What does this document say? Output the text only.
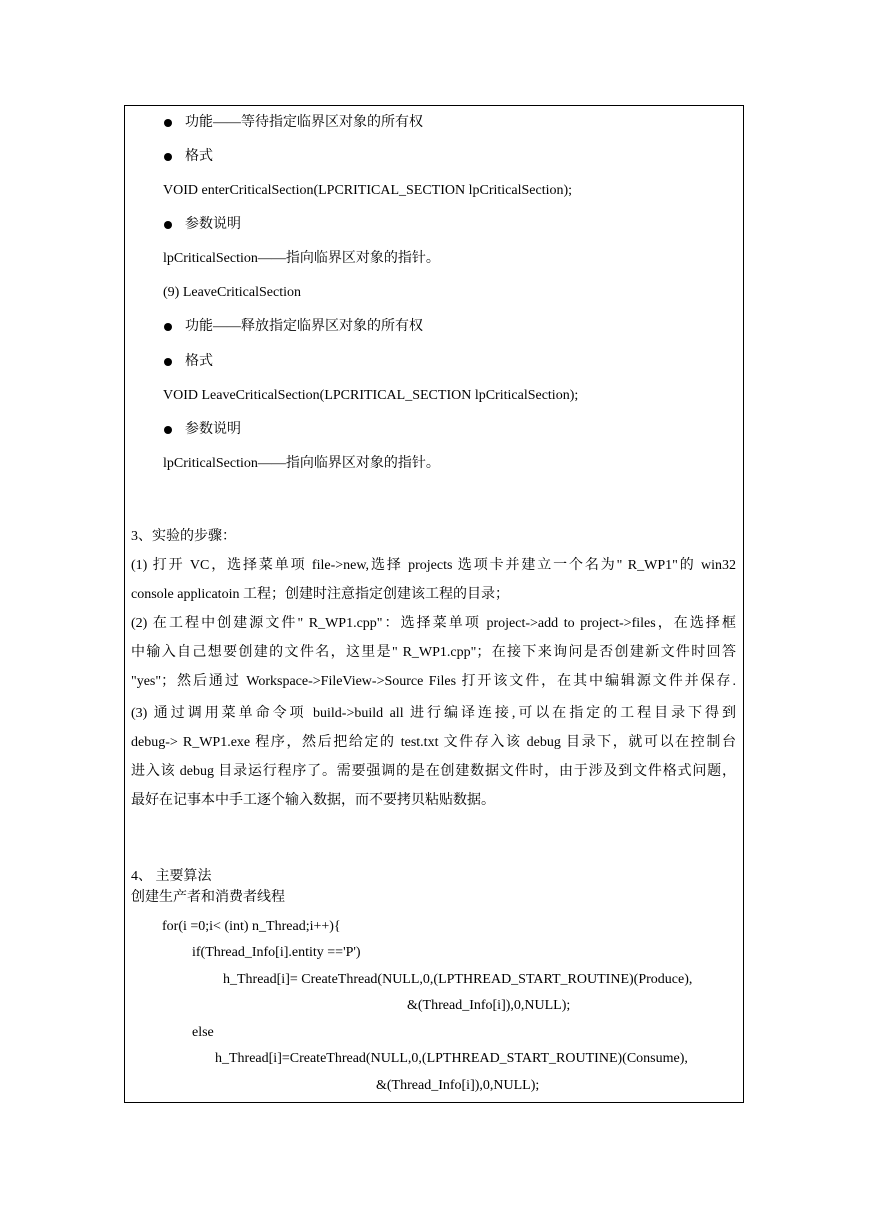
功能——等待指定临界区对象的所有权
格式
VOID enterCriticalSection(LPCRITICAL_SECTION lpCriticalSection);
参数说明
lpCriticalSection——指向临界区对象的指针。
(9) LeaveCriticalSection
功能——释放指定临界区对象的所有权
格式
VOID LeaveCriticalSection(LPCRITICAL_SECTION lpCriticalSection);
参数说明
lpCriticalSection——指向临界区对象的指针。
3、实验的步骤：
(1) 打开 VC，选择菜单项 file->new,选择 projects 选项卡并建立一个名为" R_WP1"的 win32
console applicatoin 工程；创建时注意指定创建该工程的目录；
(2) 在工程中创建源文件" R_WP1.cpp"：选择菜单项 project->add to project->files，在选择框
中输入自己想要创建的文件名，这里是" R_WP1.cpp"；在接下来询问是否创建新文件时回答
"yes"；然后通过 Workspace->FileView->Source Files 打开该文件，在其中编辑源文件并保存.
(3) 通过调用菜单命令项 build->build all 进行编译连接,可以在指定的工程目录下得到
debug-> R_WP1.exe 程序，然后把给定的 test.txt 文件存入该 debug 目录下，就可以在控制台
进入该 debug 目录运行程序了。需要强调的是在创建数据文件时，由于涉及到文件格式问题，
最好在记事本中手工逐个输入数据，而不要拷贝粘贴数据。
4、 主要算法
创建生产者和消费者线程
for(i =0;i< (int) n_Thread;i++){
if(Thread_Info[i].entity =='P')
h_Thread[i]= CreateThread(NULL,0,(LPTHREAD_START_ROUTINE)(Produce),
&(Thread_Info[i]),0,NULL);
else
h_Thread[i]=CreateThread(NULL,0,(LPTHREAD_START_ROUTINE)(Consume),
&(Thread_Info[i]),0,NULL);
